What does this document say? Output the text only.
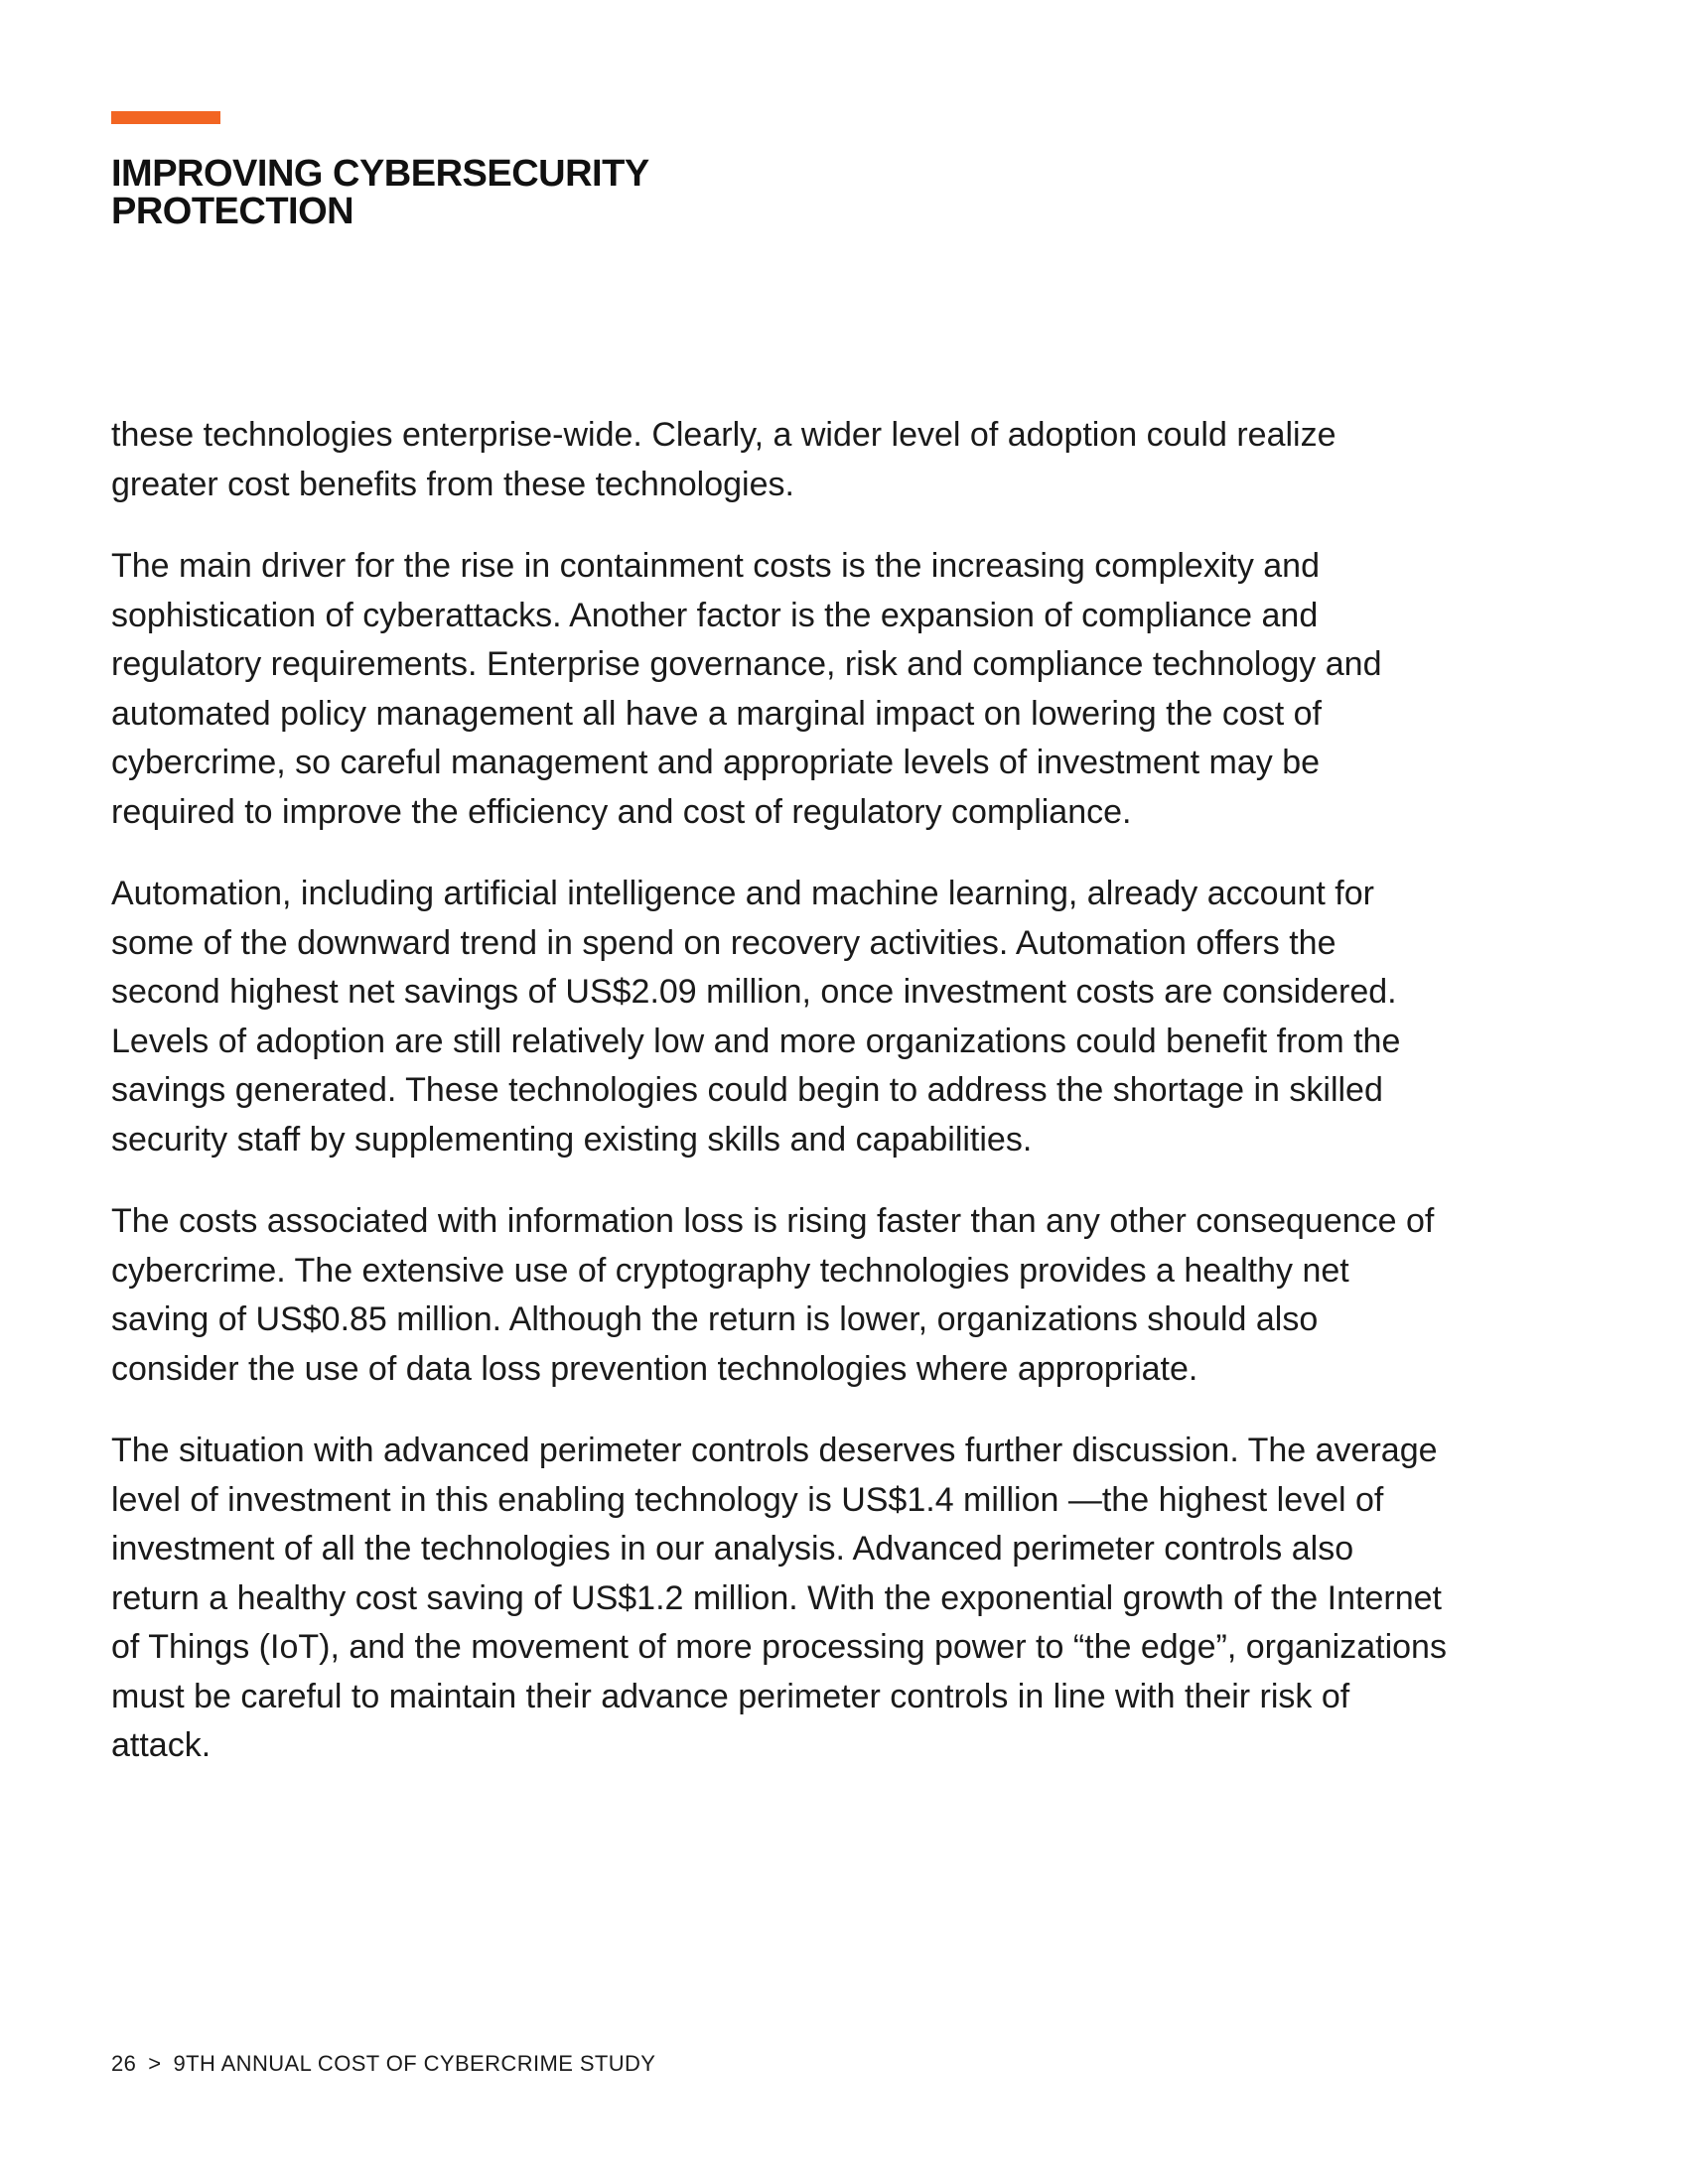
IMPROVING CYBERSECURITY
PROTECTION

these technologies enterprise-wide. Clearly, a wider level of adoption could realize greater cost benefits from these technologies.

The main driver for the rise in containment costs is the increasing complexity and sophistication of cyberattacks. Another factor is the expansion of compliance and regulatory requirements. Enterprise governance, risk and compliance technology and automated policy management all have a marginal impact on lowering the cost of cybercrime, so careful management and appropriate levels of investment may be required to improve the efficiency and cost of regulatory compliance.

Automation, including artificial intelligence and machine learning, already account for some of the downward trend in spend on recovery activities. Automation offers the second highest net savings of US$2.09 million, once investment costs are considered. Levels of adoption are still relatively low and more organizations could benefit from the savings generated. These technologies could begin to address the shortage in skilled security staff by supplementing existing skills and capabilities.

The costs associated with information loss is rising faster than any other consequence of cybercrime. The extensive use of cryptography technologies provides a healthy net saving of US$0.85 million. Although the return is lower, organizations should also consider the use of data loss prevention technologies where appropriate.

The situation with advanced perimeter controls deserves further discussion. The average level of investment in this enabling technology is US$1.4 million —the highest level of investment of all the technologies in our analysis. Advanced perimeter controls also return a healthy cost saving of US$1.2 million. With the exponential growth of the Internet of Things (IoT), and the movement of more processing power to “the edge”, organizations must be careful to maintain their advance perimeter controls in line with their risk of attack.

26 > 9TH ANNUAL COST OF CYBERCRIME STUDY
